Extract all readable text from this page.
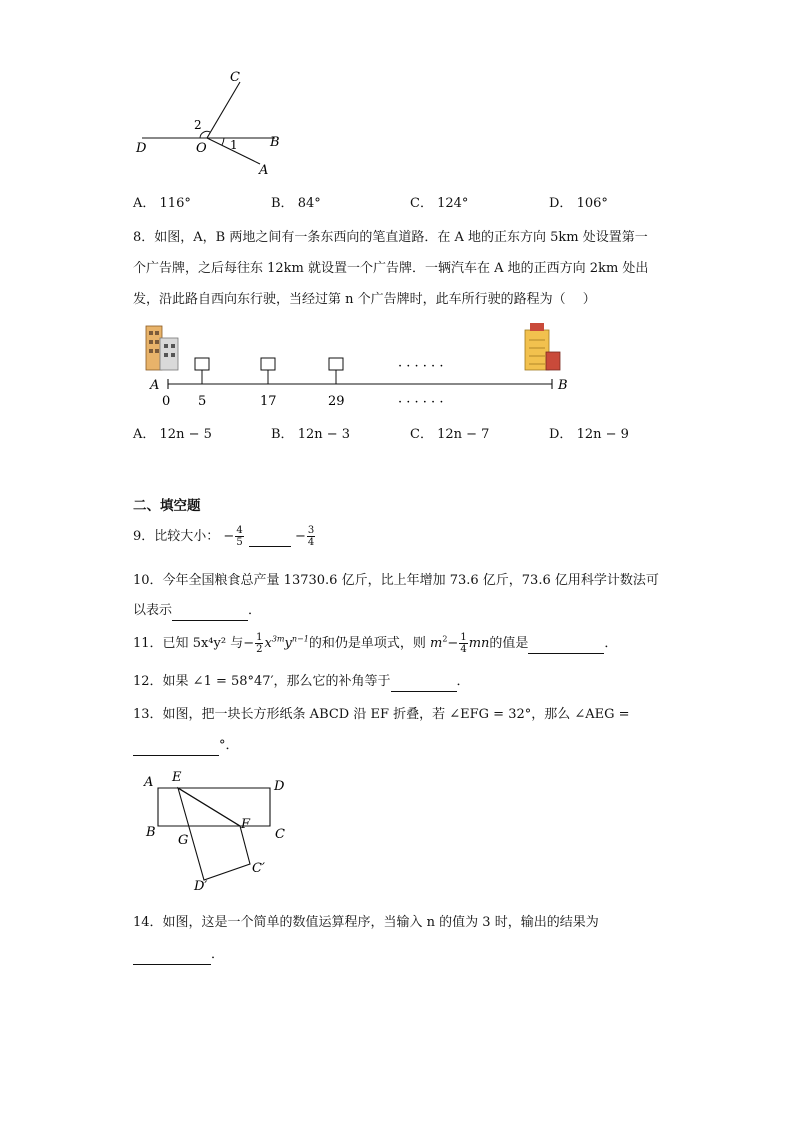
C
D	O	B
A
1
2
A． 116°	B． 84°	C． 124°	D． 106°
8．如图，A，B 两地之间有一条东西向的笔直道路．在 A 地的正东方向 5km 处设置第一
个广告牌，之后每往东 12km 就设置一个广告牌．一辆汽车在 A 地的正西方向 2km 处出
发，沿此路自西向东行驶，当经过第 n 个广告牌时，此车所行驶的路程为（　 ）
· · · · · ·
· · · · · ·
A	B
0 5	17	29
A． 12n − 5	B． 12n − 3	C． 12n − 7	D． 12n − 9
二、填空题
9．比较大小： − $\frac{4}{5}$	− $\frac{3}{4}$
10．今年全国粮食总产量 13730.6 亿斤，比上年增加 73.6 亿斤，73.6 亿用科学计数法可
以表示	．
11．已知 5x⁴y² 与− $\frac{1}{2} x^{3m}y^{n-1}$的和仍是单项式，则 $m^2- \frac{1}{4}$ mn的值是	．
12．如果 ∠1 = 58°47′，那么它的补角等于	．
13．如图，把一块长方形纸条 ABCD 沿 EF 折叠，若 ∠EFG = 32°，那么 ∠AEG =
°．
A E
D
B
G
F
C
C′
D′
14．如图，这是一个简单的数值运算程序，当输入 n 的值为 3 时，输出的结果为
．
